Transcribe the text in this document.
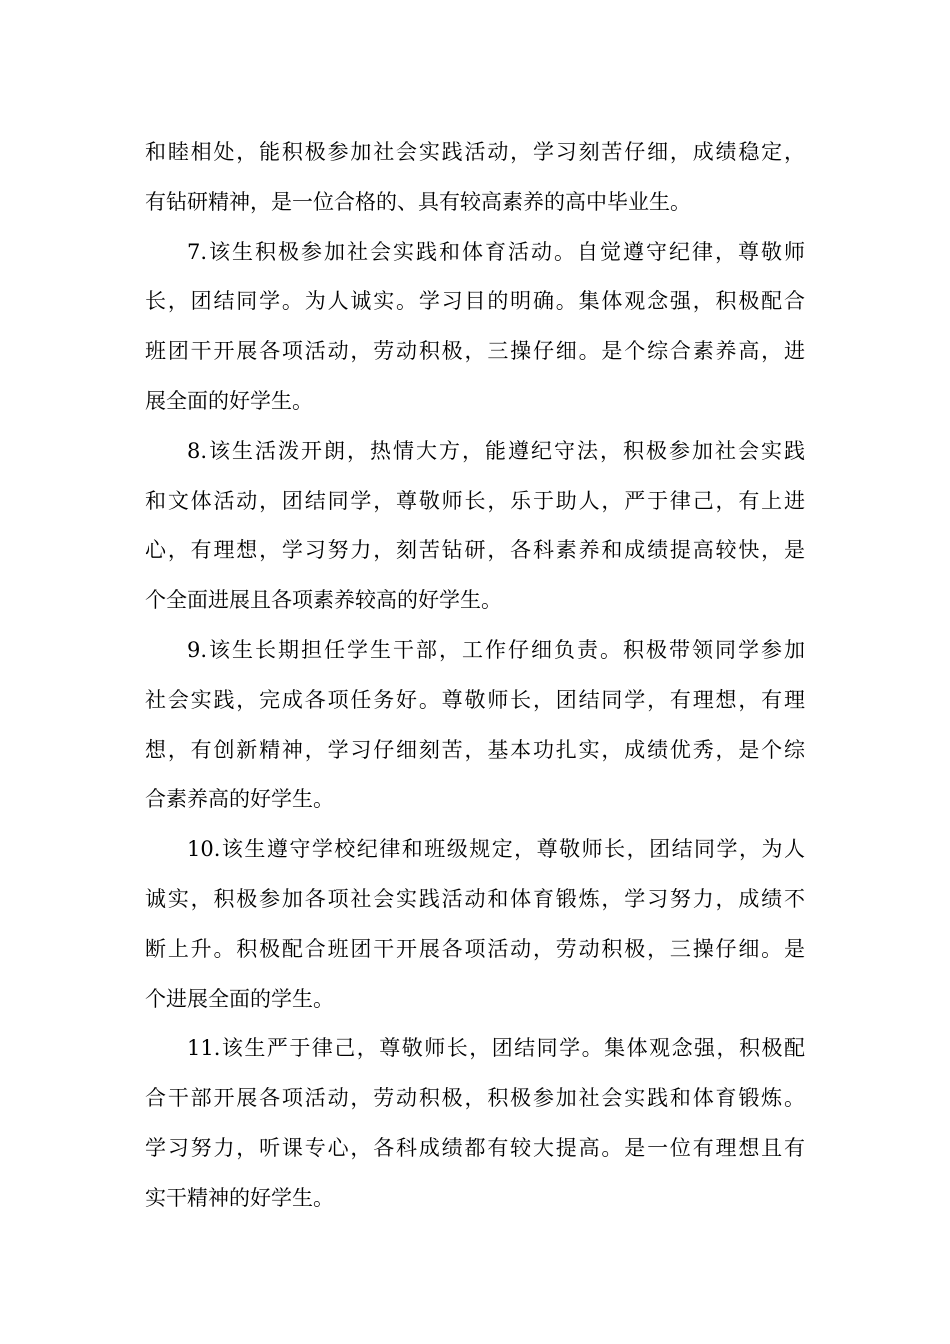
和睦相处，能积极参加社会实践活动，学习刻苦仔细，成绩稳定，
有钻研精神，是一位合格的、具有较高素养的高中毕业生。
7.该生积极参加社会实践和体育活动。自觉遵守纪律，尊敬师
长，团结同学。为人诚实。学习目的明确。集体观念强，积极配合
班团干开展各项活动，劳动积极，三操仔细。是个综合素养高，进
展全面的好学生。
8.该生活泼开朗，热情大方，能遵纪守法，积极参加社会实践
和文体活动，团结同学，尊敬师长，乐于助人，严于律己，有上进
心，有理想，学习努力，刻苦钻研，各科素养和成绩提高较快，是
个全面进展且各项素养较高的好学生。
9.该生长期担任学生干部，工作仔细负责。积极带领同学参加
社会实践，完成各项任务好。尊敬师长，团结同学，有理想，有理
想，有创新精神，学习仔细刻苦，基本功扎实，成绩优秀，是个综
合素养高的好学生。
10.该生遵守学校纪律和班级规定，尊敬师长，团结同学，为人
诚实，积极参加各项社会实践活动和体育锻炼，学习努力，成绩不
断上升。积极配合班团干开展各项活动，劳动积极，三操仔细。是
个进展全面的学生。
11.该生严于律己，尊敬师长，团结同学。集体观念强，积极配
合干部开展各项活动，劳动积极，积极参加社会实践和体育锻炼。
学习努力，听课专心，各科成绩都有较大提高。是一位有理想且有
实干精神的好学生。
